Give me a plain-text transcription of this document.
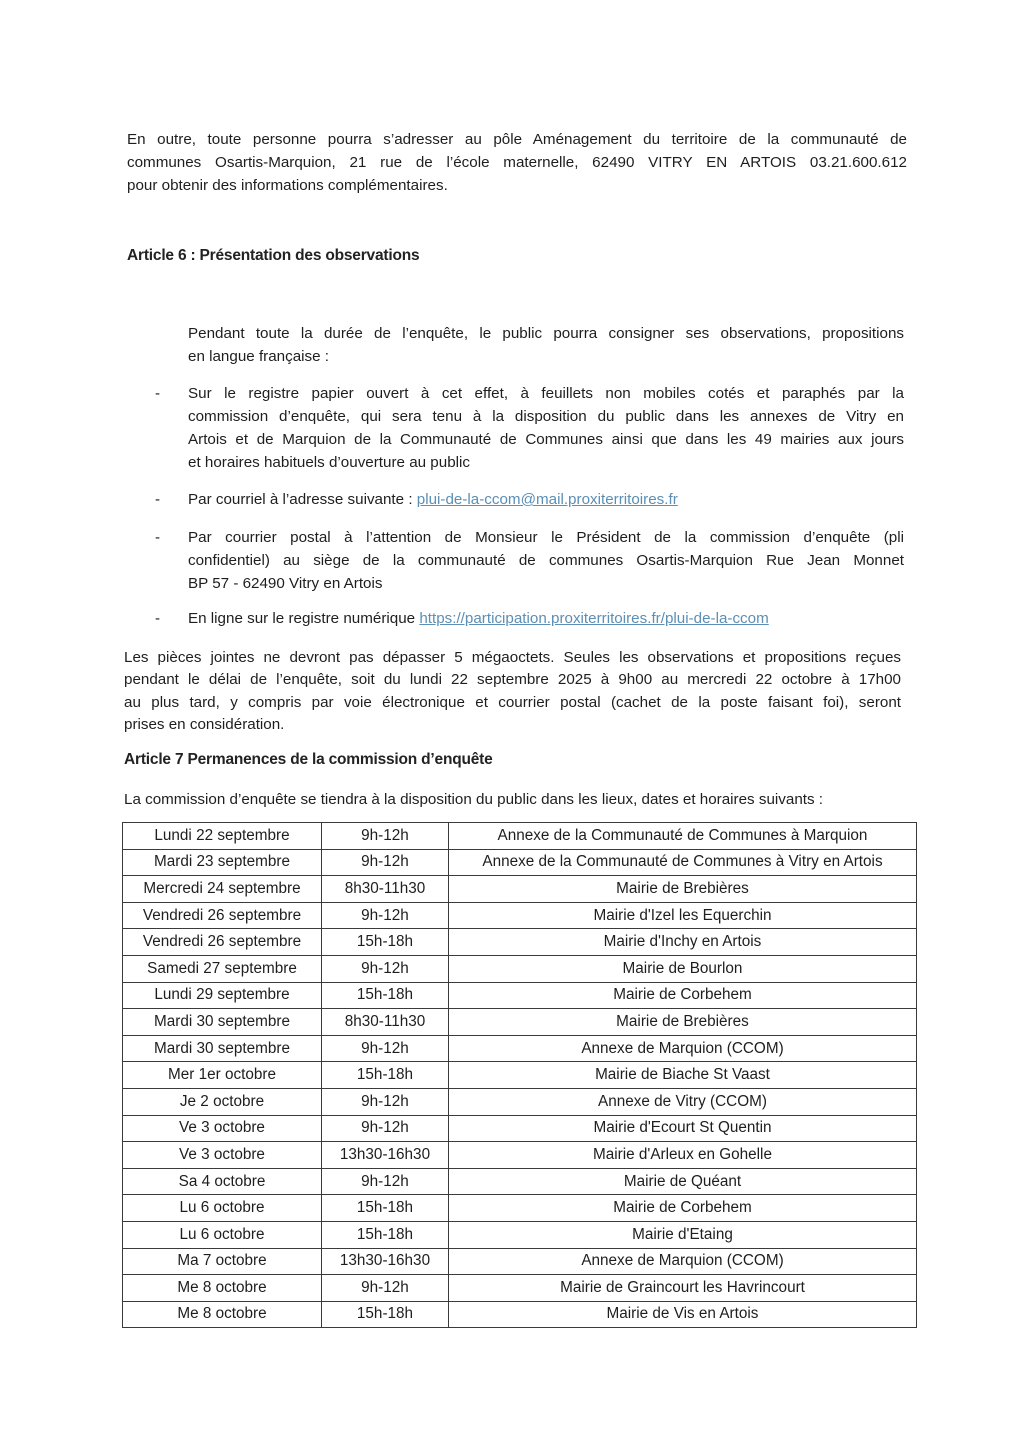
En outre, toute personne pourra s’adresser au pôle Aménagement du territoire de la communauté de

communes Osartis-Marquion, 21 rue de l’école maternelle, 62490 VITRY EN ARTOIS 03.21.600.612

pour obtenir des informations complémentaires.

Article 6 : Présentation des observations

Pendant toute la durée de l’enquête, le public pourra consigner ses observations, propositions

en langue française :

- Sur le registre papier ouvert à cet effet, à feuillets non mobiles cotés et paraphés par la

commission d’enquête, qui sera tenu à la disposition du public dans les annexes de Vitry en

Artois et de Marquion de la Communauté de Communes ainsi que dans les 49 mairies aux jours

et horaires habituels d’ouverture au public

- Par courriel à l’adresse suivante : plui-de-la-ccom@mail.proxiterritoires.fr

- Par courrier postal à l’attention de Monsieur le Président de la commission d’enquête (pli

confidentiel) au siège de la communauté de communes Osartis-Marquion Rue Jean Monnet

BP 57 - 62490 Vitry en Artois

- En ligne sur le registre numérique https://participation.proxiterritoires.fr/plui-de-la-ccom

Les pièces jointes ne devront pas dépasser 5 mégaoctets. Seules les observations et propositions reçues

pendant le délai de l’enquête, soit du lundi 22 septembre 2025 à 9h00 au mercredi 22 octobre à 17h00

au plus tard, y compris par voie électronique et courrier postal (cachet de la poste faisant foi), seront

prises en considération.

Article 7 Permanences de la commission d’enquête

La commission d’enquête se tiendra à la disposition du public dans les lieux, dates et horaires suivants :

Lundi 22 septembre	9h-12h	Annexe de la Communauté de Communes à Marquion
Mardi 23 septembre	9h-12h	Annexe de la Communauté de Communes à Vitry en Artois
Mercredi 24 septembre	8h30-11h30	Mairie de Brebières
Vendredi 26 septembre	9h-12h	Mairie d'Izel les Equerchin
Vendredi 26 septembre	15h-18h	Mairie d'Inchy en Artois
Samedi 27 septembre	9h-12h	Mairie de Bourlon
Lundi 29 septembre	15h-18h	Mairie de Corbehem
Mardi 30 septembre	8h30-11h30	Mairie de Brebières
Mardi 30 septembre	9h-12h	Annexe de Marquion (CCOM)
Mer 1er octobre	15h-18h	Mairie de Biache St Vaast
Je 2 octobre	9h-12h	Annexe de Vitry (CCOM)
Ve 3 octobre	9h-12h	Mairie d'Ecourt St Quentin
Ve 3 octobre	13h30-16h30	Mairie d'Arleux en Gohelle
Sa 4 octobre	9h-12h	Mairie de Quéant
Lu 6 octobre	15h-18h	Mairie de Corbehem
Lu 6 octobre	15h-18h	Mairie d'Etaing
Ma 7 octobre	13h30-16h30	Annexe de Marquion (CCOM)
Me 8 octobre	9h-12h	Mairie de Graincourt les Havrincourt
Me 8 octobre	15h-18h	Mairie de Vis en Artois
